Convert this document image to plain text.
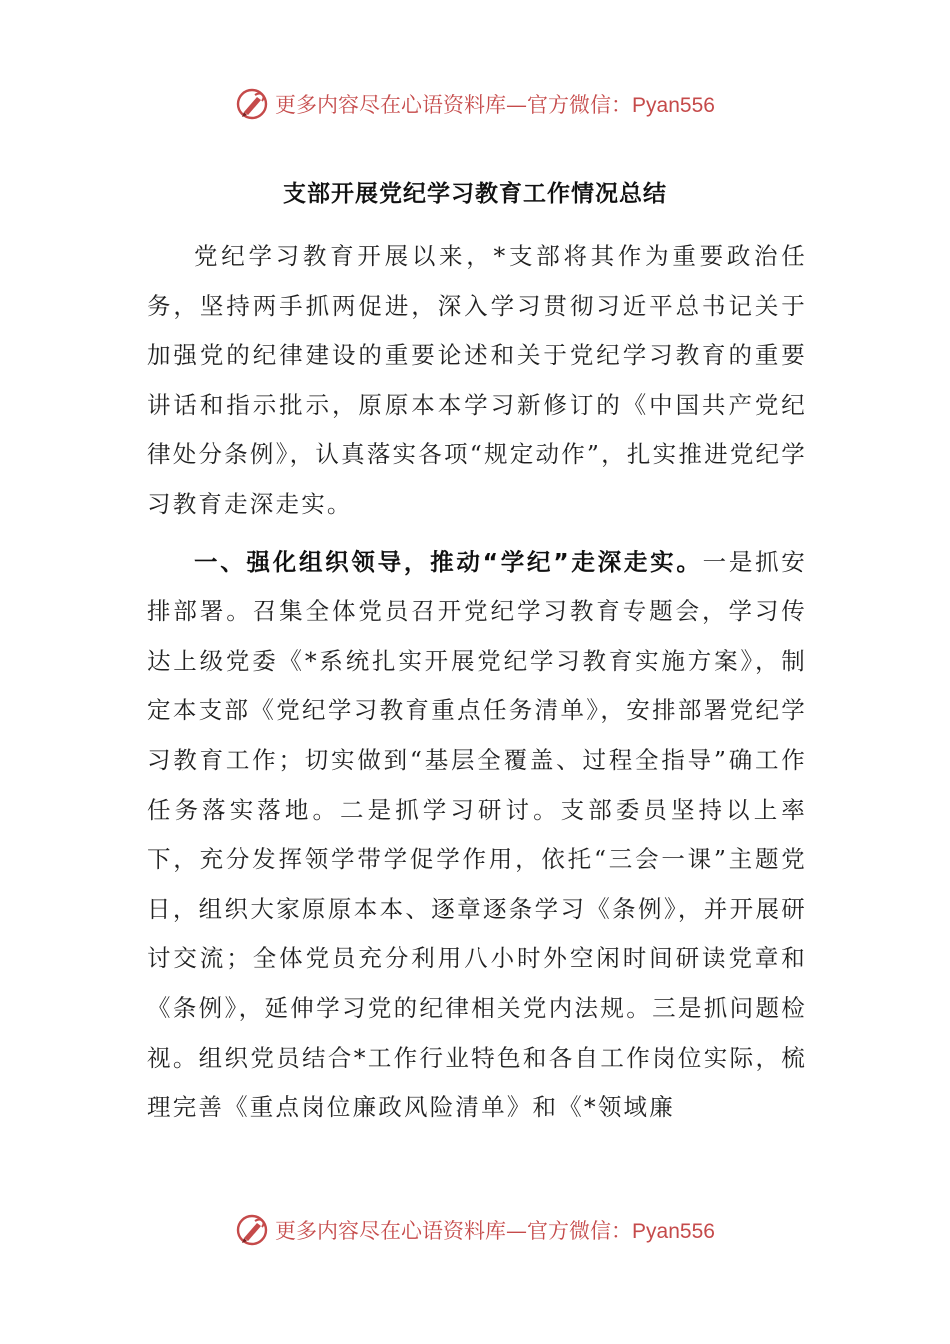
更多内容尽在心语资料库—官方微信：Pyan556
支部开展党纪学习教育工作情况总结

党纪学习教育开展以来，*支部将其作为重要政治任务，坚持两手抓两促进，深入学习贯彻习近平总书记关于加强党的纪律建设的重要论述和关于党纪学习教育的重要讲话和指示批示，原原本本学习新修订的《中国共产党纪律处分条例》，认真落实各项“规定动作”，扎实推进党纪学习教育走深走实。

一、强化组织领导，推动“学纪”走深走实。一是抓安排部署。召集全体党员召开党纪学习教育专题会，学习传达上级党委《*系统扎实开展党纪学习教育实施方案》，制定本支部《党纪学习教育重点任务清单》，安排部署党纪学习教育工作；切实做到“基层全覆盖、过程全指导”确工作任务落实落地。二是抓学习研讨。支部委员坚持以上率下，充分发挥领学带学促学作用，依托“三会一课”主题党日，组织大家原原本本、逐章逐条学习《条例》，并开展研讨交流；全体党员充分利用八小时外空闲时间研读党章和《条例》，延伸学习党的纪律相关党内法规。三是抓问题检视。组织党员结合*工作行业特色和各自工作岗位实际，梳理完善《重点岗位廉政风险清单》和《*领域廉

更多内容尽在心语资料库—官方微信：Pyan556
